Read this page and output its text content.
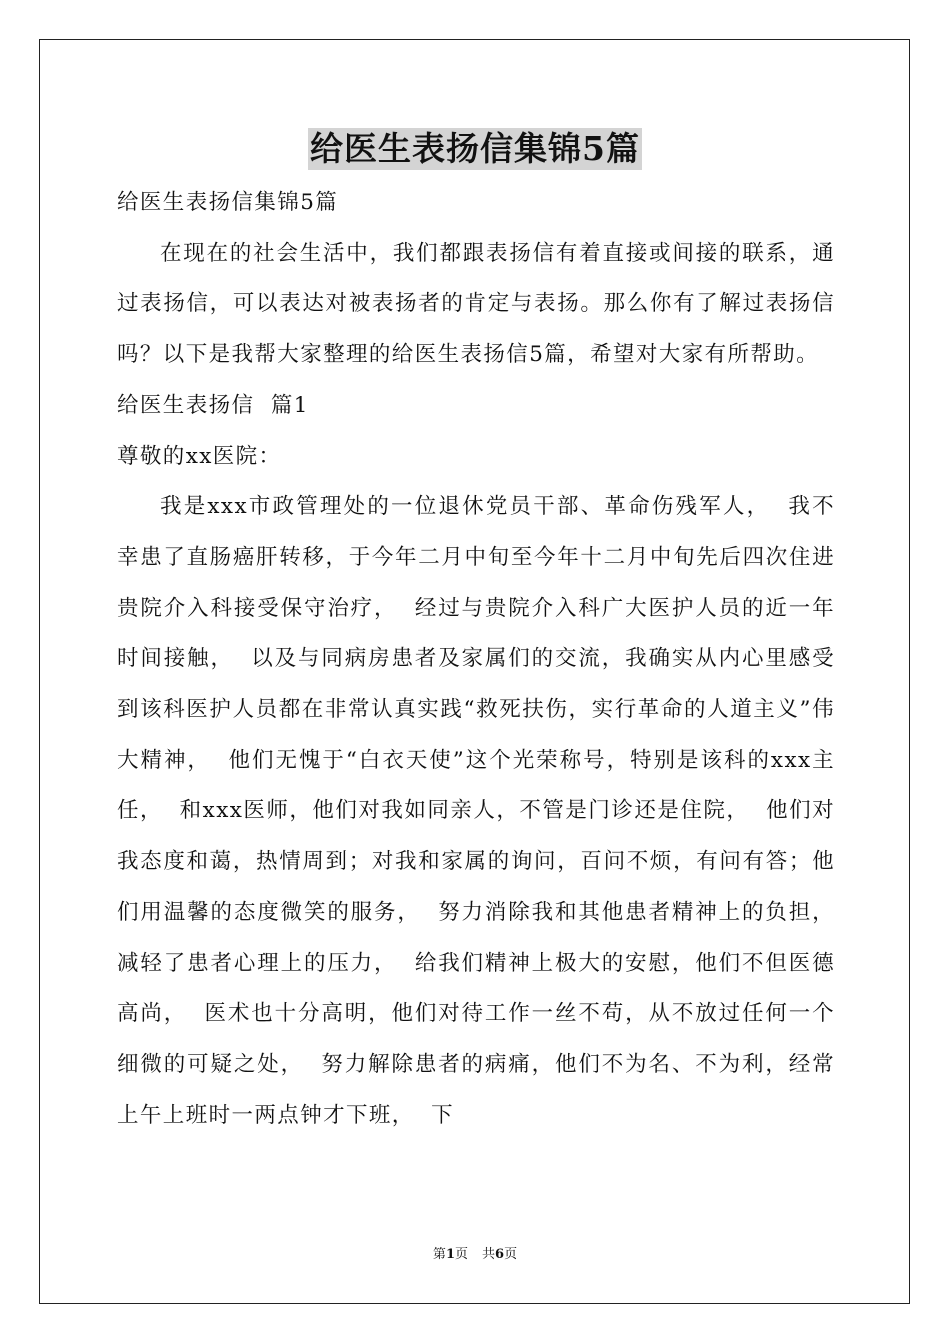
给医生表扬信集锦5篇

给医生表扬信集锦5篇

在现在的社会生活中，我们都跟表扬信有着直接或间接的联系，通过表扬信，可以表达对被表扬者的肯定与表扬。那么你有了解过表扬信吗？以下是我帮大家整理的给医生表扬信5篇，希望对大家有所帮助。

给医生表扬信  篇1

尊敬的xx医院：

我是xxx市政管理处的一位退休党员干部、革命伤残军人，  我不幸患了直肠癌肝转移，于今年二月中旬至今年十二月中旬先后四次住进贵院介入科接受保守治疗，  经过与贵院介入科广大医护人员的近一年时间接触，  以及与同病房患者及家属们的交流，我确实从内心里感受到该科医护人员都在非常认真实践“救死扶伤，实行革命的人道主义”伟大精神，  他们无愧于“白衣天使”这个光荣称号，特别是该科的xxx主任，  和xxx医师，他们对我如同亲人，不管是门诊还是住院，  他们对我态度和蔼，热情周到；对我和家属的询问，百问不烦，有问有答；他们用温馨的态度微笑的服务，  努力消除我和其他患者精神上的负担，减轻了患者心理上的压力，  给我们精神上极大的安慰，他们不但医德高尚，  医术也十分高明，他们对待工作一丝不苟，从不放过任何一个细微的可疑之处，  努力解除患者的病痛，他们不为名、不为利，经常上午上班时一两点钟才下班，  下

第1页 共6页
